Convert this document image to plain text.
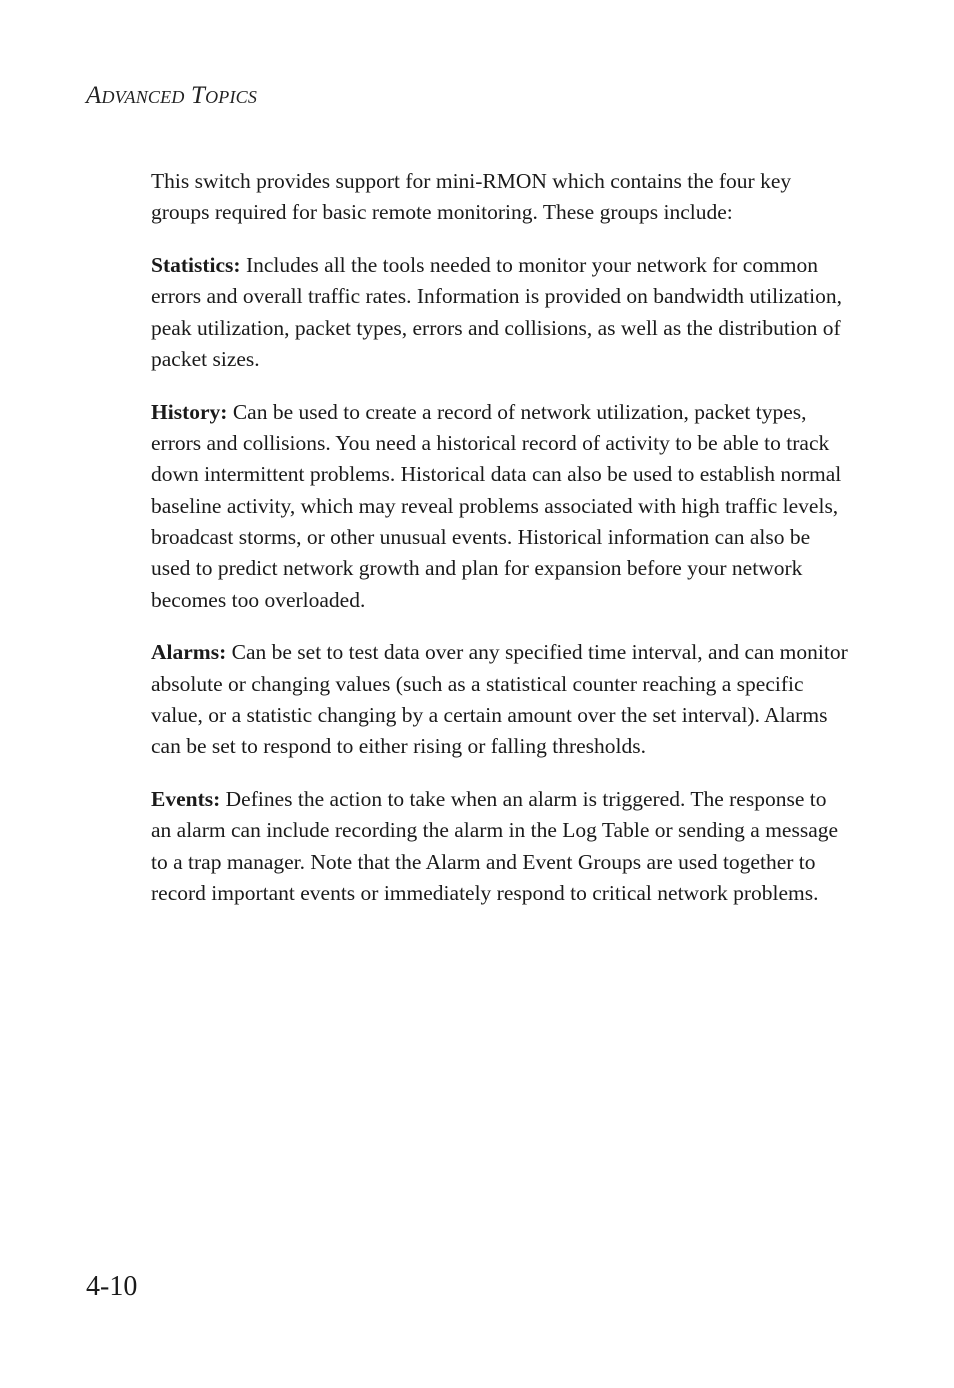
Advanced Topics

This switch provides support for mini-RMON which contains the four key groups required for basic remote monitoring. These groups include:

Statistics: Includes all the tools needed to monitor your network for common errors and overall traffic rates. Information is provided on bandwidth utilization, peak utilization, packet types, errors and collisions, as well as the distribution of packet sizes.

History: Can be used to create a record of network utilization, packet types, errors and collisions. You need a historical record of activity to be able to track down intermittent problems. Historical data can also be used to establish normal baseline activity, which may reveal problems associated with high traffic levels, broadcast storms, or other unusual events. Historical information can also be used to predict network growth and plan for expansion before your network becomes too overloaded.

Alarms: Can be set to test data over any specified time interval, and can monitor absolute or changing values (such as a statistical counter reaching a specific value, or a statistic changing by a certain amount over the set interval). Alarms can be set to respond to either rising or falling thresholds.

Events: Defines the action to take when an alarm is triggered. The response to an alarm can include recording the alarm in the Log Table or sending a message to a trap manager. Note that the Alarm and Event Groups are used together to record important events or immediately respond to critical network problems.

4-10
